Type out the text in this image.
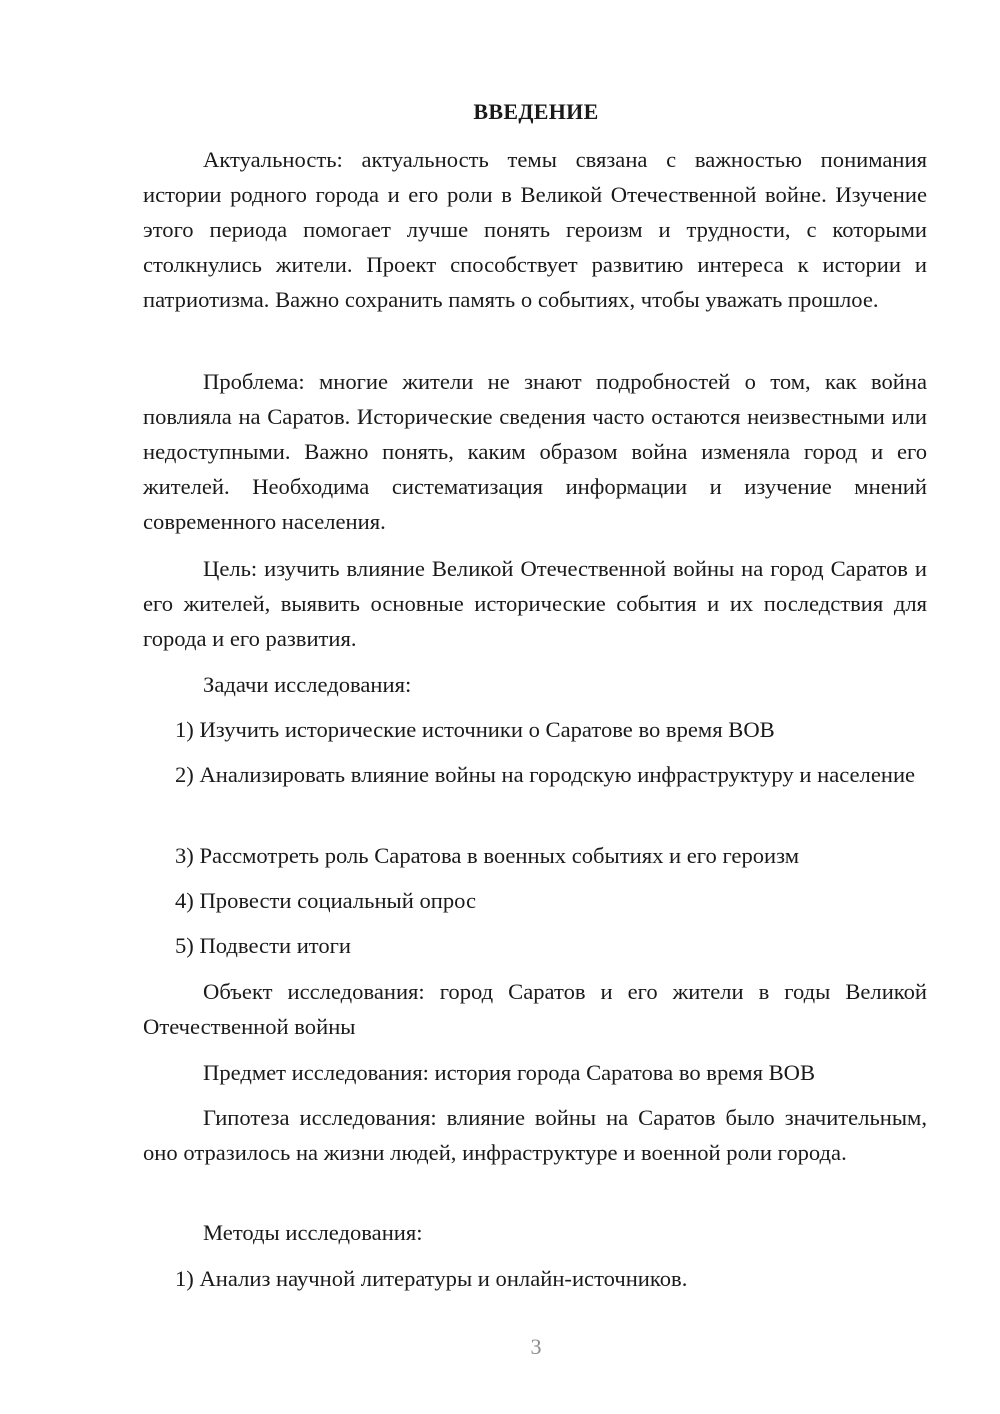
ВВЕДЕНИЕ

Актуальность: актуальность темы связана с важностью понимания истории родного города и его роли в Великой Отечественной войне. Изучение этого периода помогает лучше понять героизм и трудности, с которыми столкнулись жители. Проект способствует развитию интереса к истории и патриотизма. Важно сохранить память о событиях, чтобы уважать прошлое.

Проблема: многие жители не знают подробностей о том, как война повлияла на Саратов. Исторические сведения часто остаются неизвестными или недоступными. Важно понять, каким образом война изменяла город и его жителей. Необходима систематизация информации и изучение мнений современного населения.

Цель: изучить влияние Великой Отечественной войны на город Саратов и его жителей, выявить основные исторические события и их последствия для города и его развития.

Задачи исследования:

1) Изучить исторические источники о Саратове во время ВОВ

2) Анализировать влияние войны на городскую инфраструктуру и население

3) Рассмотреть роль Саратова в военных событиях и его героизм

4) Провести социальный опрос

5) Подвести итоги

Объект исследования: город Саратов и его жители в годы Великой Отечественной войны

Предмет исследования: история города Саратова во время ВОВ

Гипотеза исследования: влияние войны на Саратов было значительным, оно отразилось на жизни людей, инфраструктуре и военной роли города.

Методы исследования:

1) Анализ научной литературы и онлайн-источников.

3
